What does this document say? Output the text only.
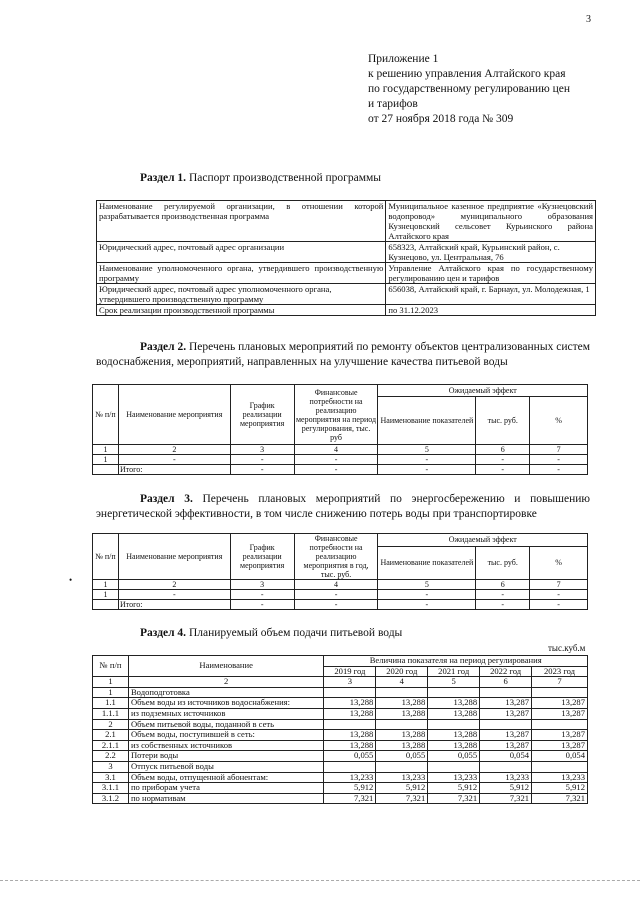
3
Приложение 1
к решению управления Алтайского края
по государственному регулированию цен
и тарифов
от 27 ноября 2018 года № 309
Раздел 1. Паспорт производственной программы
Наименование регулируемой организации, в отношении которой разрабатывается производственная программа	Муниципальное казенное предприятие «Кузнецовский водопровод» муниципального образования Кузнецовский сельсовет Курьинского района Алтайского края
Юридический адрес, почтовый адрес организации	658323, Алтайский край, Курьинский район, с. Кузнецово, ул. Центральная, 76
Наименование уполномоченного органа, утвердившего производственную программу	Управление Алтайского края по государственному регулированию цен и тарифов
Юридический адрес, почтовый адрес уполномоченного органа, утвердившего производственную программу	656038, Алтайский край, г. Барнаул, ул. Молодежная, 1
Срок реализации производственной программы	по 31.12.2023
Раздел 2. Перечень плановых мероприятий по ремонту объектов централизованных систем водоснабжения, мероприятий, направленных на улучшение качества питьевой воды
№ п/п	Наименование мероприятия	График реализации мероприятия	Финансовые потребности на реализацию мероприятия на период регулирования, тыс. руб	Ожидаемый эффект		
				Наименование показателей	тыс. руб.	%
1	2	3	4	5	6	7
1	-	-	-	-	-	-
	Итого:	-	-	-	-	-
Раздел 3. Перечень плановых мероприятий по энергосбережению и повышению энергетической эффективности, в том числе снижению потерь воды при транспортировке
№ п/п	Наименование мероприятия	График реализации мероприятия	Финансовые потребности на реализацию мероприятия в год, тыс. руб.	Ожидаемый эффект		
				Наименование показателей	тыс. руб.	%
1	2	3	4	5	6	7
1	-	-	-	-	-	-
	Итого:	-	-	-	-	-
•
Раздел 4. Планируемый объем подачи питьевой воды
тыс.куб.м
№ п/п	Наименование	Величина показателя на период регулирования				
		2019 год	2020 год	2021 год	2022 год	2023 год
1	2	3	4	5	6	7
1	Водоподготовка					
1.1	Объем воды из источников водоснабжения:	13,288	13,288	13,288	13,287	13,287
1.1.1	из подземных источников	13,288	13,288	13,288	13,287	13,287
2	Объем питьевой воды, поданной в сеть					
2.1	Объем воды, поступившей в сеть:	13,288	13,288	13,288	13,287	13,287
2.1.1	из собственных источников	13,288	13,288	13,288	13,287	13,287
2.2	Потери воды	0,055	0,055	0,055	0,054	0,054
3	Отпуск питьевой воды					
3.1	Объем воды, отпущенной абонентам:	13,233	13,233	13,233	13,233	13,233
3.1.1	по приборам учета	5,912	5,912	5,912	5,912	5,912
3.1.2	по нормативам	7,321	7,321	7,321	7,321	7,321
